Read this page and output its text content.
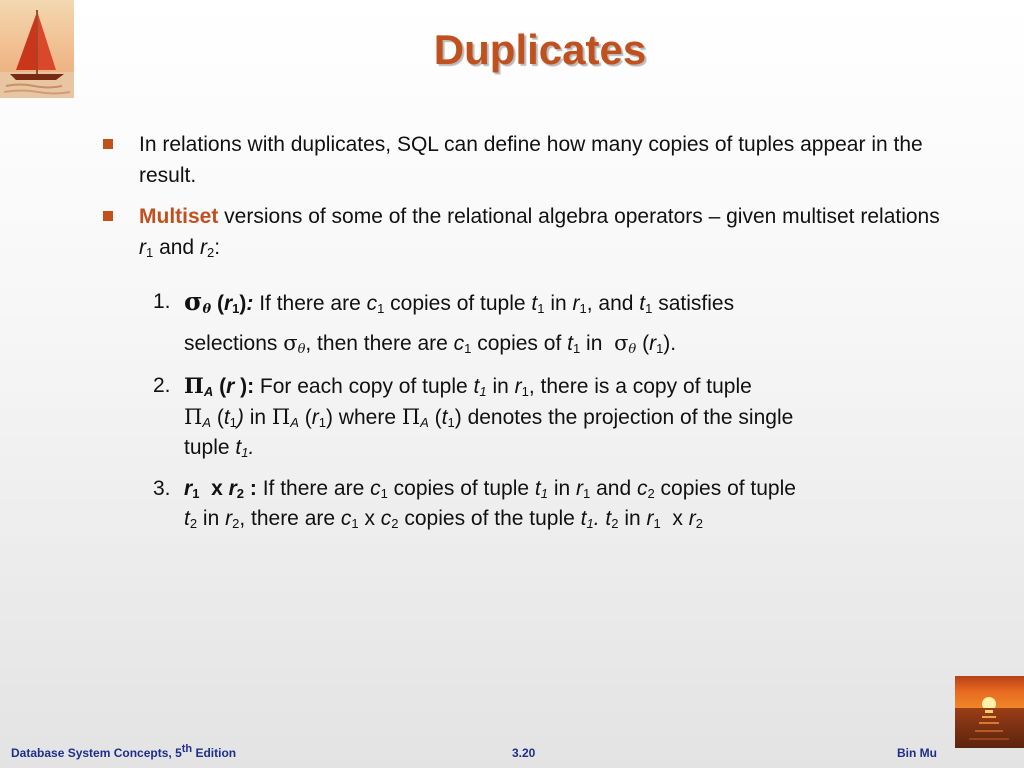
Duplicates
In relations with duplicates, SQL can define how many copies of tuples appear in the result.
Multiset versions of some of the relational algebra operators – given multiset relations $r_1$ and $r_2$:
1. $\sigma_\theta$ $(r_1)$: If there are $c_1$ copies of tuple $t_1$ in $r_1$, and $t_1$ satisfies
selections $\sigma_\theta$, then there are $c_1$ copies of $t_1$ in  $\sigma_\theta$ $(r_1)$.
2. $\Pi_A$ (r ): For each copy of tuple $t_1$ in $r_1$, there is a copy of tuple
$\Pi_A$ $(t_1)$ in $\Pi_A$ $(r_1)$ where $\Pi_A$ $(t_1)$ denotes the projection of the single
tuple $t_1$.
3. $r_1$  x $r_2$ : If there are $c_1$ copies of tuple $t_1$ in $r_1$ and $c_2$ copies of tuple
$t_2$ in $r_2$, there are $c_1$ x $c_2$ copies of the tuple $t_1$. $t_2$ in $r_1$  x $r_2$
Database System Concepts, 5th Edition	3.20	Bin Mu
